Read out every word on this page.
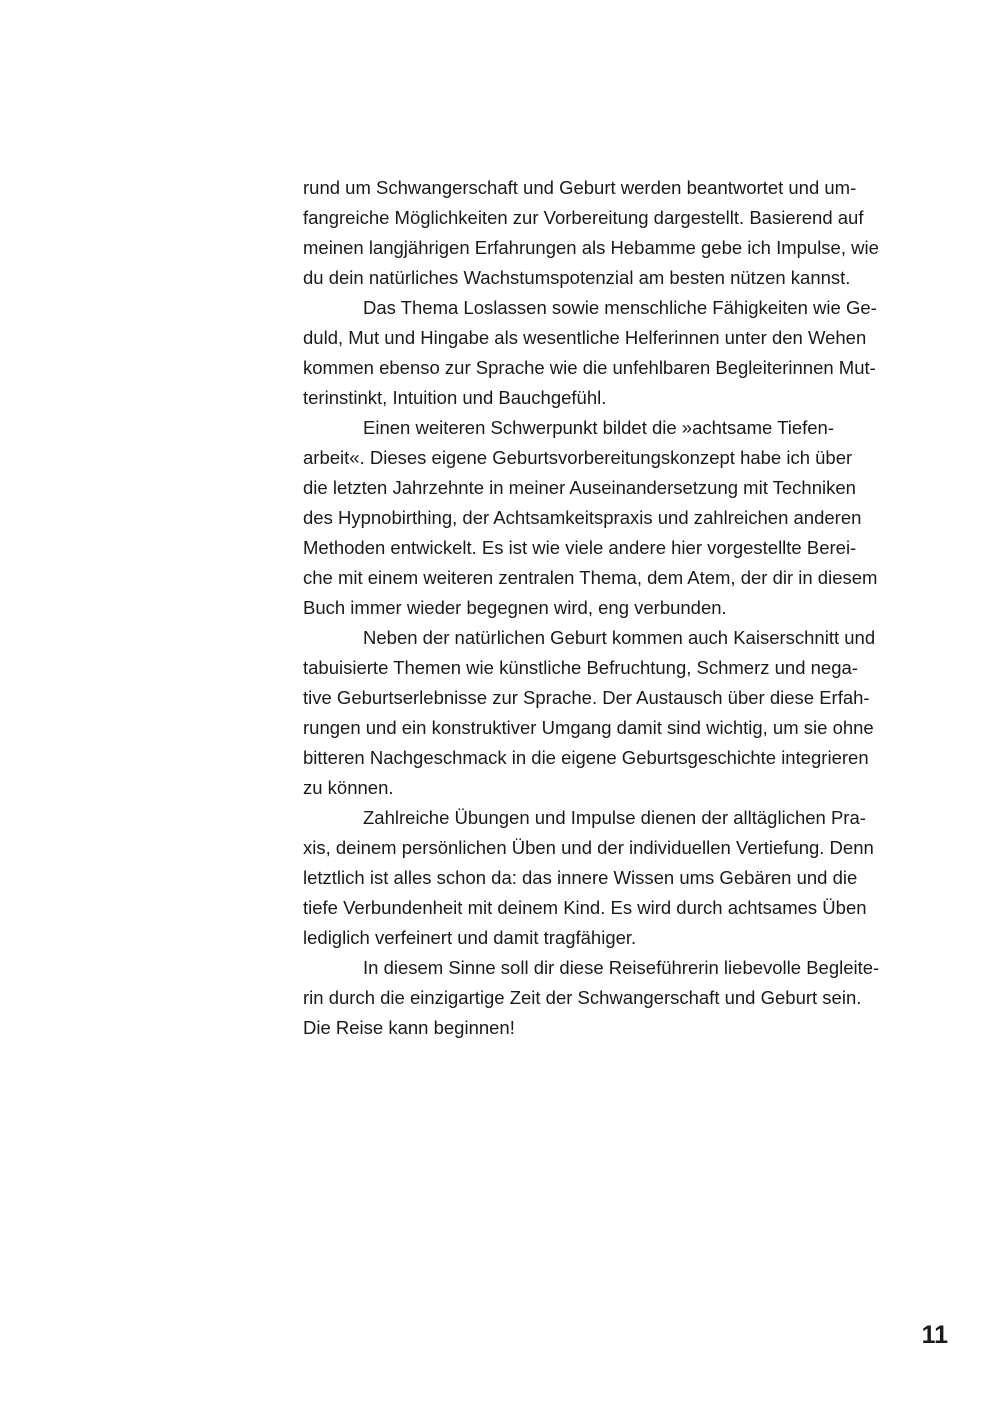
rund um Schwangerschaft und Geburt werden beantwortet und um-
fangreiche Möglichkeiten zur Vorbereitung dargestellt. Basierend auf
meinen langjährigen Erfahrungen als Hebamme gebe ich Impulse, wie
du dein natürliches Wachstumspotenzial am besten nützen kannst.
Das Thema Loslassen sowie menschliche Fähigkeiten wie Ge-
duld, Mut und Hingabe als wesentliche Helferinnen unter den Wehen
kommen ebenso zur Sprache wie die unfehlbaren Begleiterinnen Mut-
terinstinkt, Intuition und Bauchgefühl.
Einen weiteren Schwerpunkt bildet die »achtsame Tiefen-
arbeit«. Dieses eigene Geburtsvorbereitungskonzept habe ich über
die letzten Jahrzehnte in meiner Auseinandersetzung mit Techniken
des Hypnobirthing, der Achtsamkeitspraxis und zahlreichen anderen
Methoden entwickelt. Es ist wie viele andere hier vorgestellte Berei-
che mit einem weiteren zentralen Thema, dem Atem, der dir in diesem
Buch immer wieder begegnen wird, eng verbunden.
Neben der natürlichen Geburt kommen auch Kaiserschnitt und
tabuisierte Themen wie künstliche Befruchtung, Schmerz und nega-
tive Geburtserlebnisse zur Sprache. Der Austausch über diese Erfah-
rungen und ein konstruktiver Umgang damit sind wichtig, um sie ohne
bitteren Nachgeschmack in die eigene Geburtsgeschichte integrieren
zu können.
Zahlreiche Übungen und Impulse dienen der alltäglichen Pra-
xis, deinem persönlichen Üben und der individuellen Vertiefung. Denn
letztlich ist alles schon da: das innere Wissen ums Gebären und die
tiefe Verbundenheit mit deinem Kind. Es wird durch achtsames Üben
lediglich verfeinert und damit tragfähiger.
In diesem Sinne soll dir diese Reiseführerin liebevolle Begleite-
rin durch die einzigartige Zeit der Schwangerschaft und Geburt sein.
Die Reise kann beginnen!
11
